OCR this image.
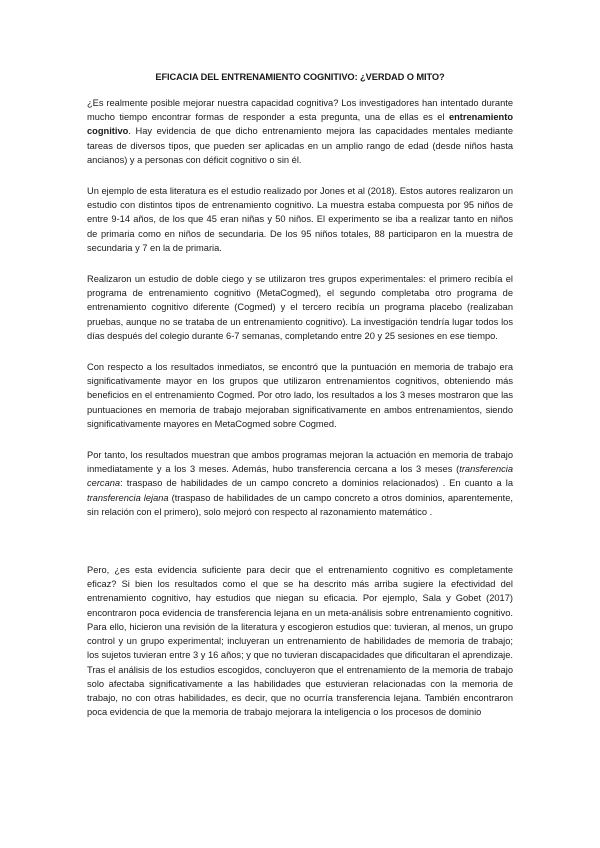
EFICACIA DEL ENTRENAMIENTO COGNITIVO: ¿VERDAD O MITO?

¿Es realmente posible mejorar nuestra capacidad cognitiva? Los investigadores han intentado durante mucho tiempo encontrar formas de responder a esta pregunta, una de ellas es el entrenamiento cognitivo. Hay evidencia de que dicho entrenamiento mejora las capacidades mentales mediante tareas de diversos tipos, que pueden ser aplicadas en un amplio rango de edad (desde niños hasta ancianos) y a personas con déficit cognitivo o sin él.

Un ejemplo de esta literatura es el estudio realizado por Jones et al (2018). Estos autores realizaron un estudio con distintos tipos de entrenamiento cognitivo. La muestra estaba compuesta por 95 niños de entre 9-14 años, de los que 45 eran niñas y 50 niños. El experimento se iba a realizar tanto en niños de primaria como en niños de secundaria. De los 95 niños totales, 88 participaron en la muestra de secundaria y 7 en la de primaria.

Realizaron un estudio de doble ciego y se utilizaron tres grupos experimentales: el primero recibía el programa de entrenamiento cognitivo (MetaCogmed), el segundo completaba otro programa de entrenamiento cognitivo diferente (Cogmed) y el tercero recibía un programa placebo (realizaban pruebas, aunque no se trataba de un entrenamiento cognitivo). La investigación tendría lugar todos los días después del colegio durante 6-7 semanas, completando entre 20 y 25 sesiones en ese tiempo.

Con respecto a los resultados inmediatos, se encontró que la puntuación en memoria de trabajo era significativamente mayor en los grupos que utilizaron entrenamientos cognitivos, obteniendo más beneficios en el entrenamiento Cogmed. Por otro lado, los resultados a los 3 meses mostraron que las puntuaciones en memoria de trabajo mejoraban significativamente en ambos entrenamientos, siendo significativamente mayores en MetaCogmed sobre Cogmed.

Por tanto, los resultados muestran que ambos programas mejoran la actuación en memoria de trabajo inmediatamente y a los 3 meses. Además, hubo transferencia cercana a los 3 meses (transferencia cercana: traspaso de habilidades de un campo concreto a dominios relacionados) . En cuanto a la transferencia lejana (traspaso de habilidades de un campo concreto a otros dominios, aparentemente, sin relación con el primero), solo mejoró con respecto al razonamiento matemático .

Pero, ¿es esta evidencia suficiente para decir que el entrenamiento cognitivo es completamente eficaz? Si bien los resultados como el que se ha descrito más arriba sugiere la efectividad del entrenamiento cognitivo, hay estudios que niegan su eficacia. Por ejemplo, Sala y Gobet (2017) encontraron poca evidencia de transferencia lejana en un meta-análisis sobre entrenamiento cognitivo. Para ello, hicieron una revisión de la literatura y escogieron estudios que: tuvieran, al menos, un grupo control y un grupo experimental; incluyeran un entrenamiento de habilidades de memoria de trabajo; los sujetos tuvieran entre 3 y 16 años; y que no tuvieran discapacidades que dificultaran el aprendizaje. Tras el análisis de los estudios escogidos, concluyeron que el entrenamiento de la memoria de trabajo solo afectaba significativamente a las habilidades que estuvieran relacionadas con la memoria de trabajo, no con otras habilidades, es decir, que no ocurría transferencia lejana. También encontraron poca evidencia de que la memoria de trabajo mejorara la inteligencia o los procesos de dominio
